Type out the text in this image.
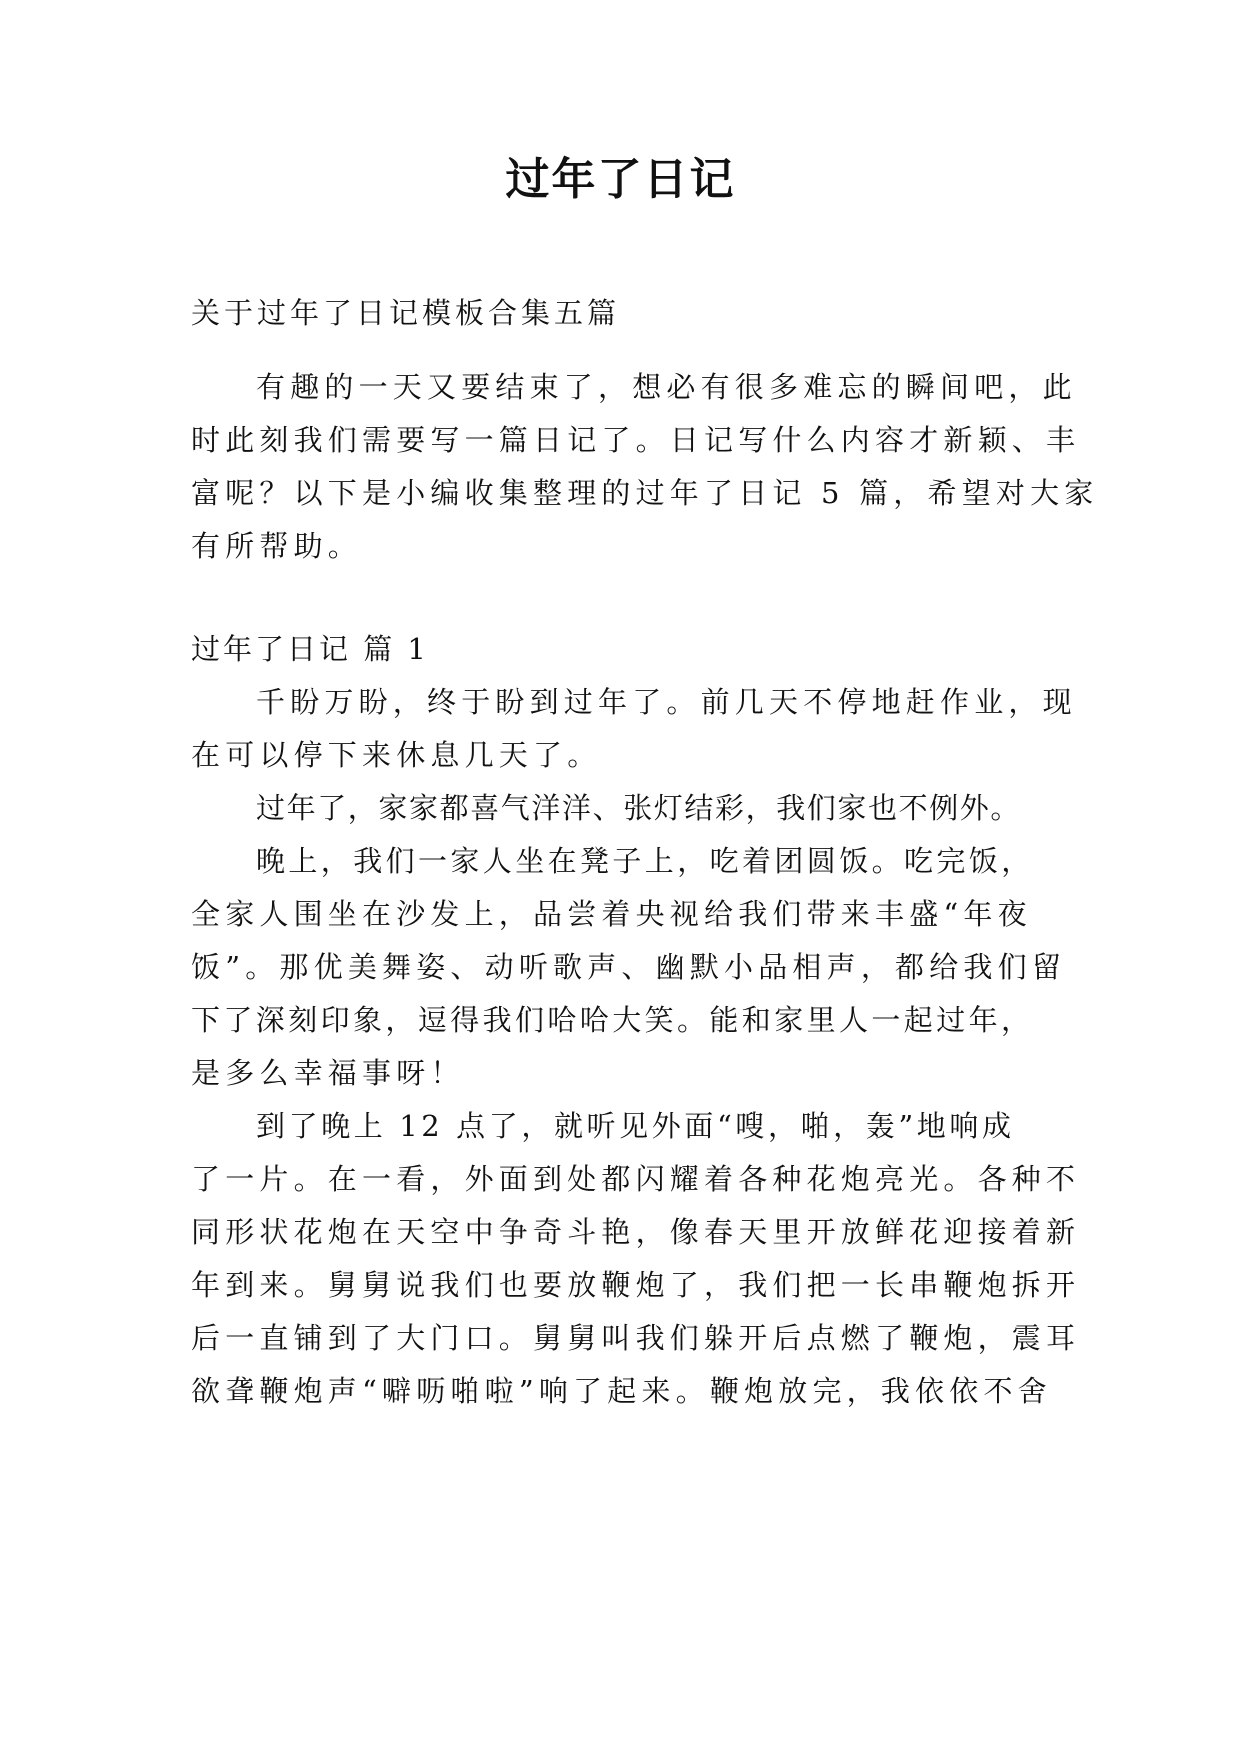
过年了日记
关于过年了日记模板合集五篇
有趣的一天又要结束了，想必有很多难忘的瞬间吧，此
时此刻我们需要写一篇日记了。日记写什么内容才新颖、丰
富呢？以下是小编收集整理的过年了日记 5 篇，希望对大家
有所帮助。
过年了日记 篇 1
千盼万盼，终于盼到过年了。前几天不停地赶作业，现
在可以停下来休息几天了。
过年了，家家都喜气洋洋、张灯结彩，我们家也不例外。
晚上，我们一家人坐在凳子上，吃着团圆饭。吃完饭，
全家人围坐在沙发上，品尝着央视给我们带来丰盛“年夜
饭”。那优美舞姿、动听歌声、幽默小品相声，都给我们留
下了深刻印象，逗得我们哈哈大笑。能和家里人一起过年，
是多么幸福事呀！
到了晚上 12 点了，就听见外面“嗖，啪，轰”地响成
了一片。在一看，外面到处都闪耀着各种花炮亮光。各种不
同形状花炮在天空中争奇斗艳，像春天里开放鲜花迎接着新
年到来。舅舅说我们也要放鞭炮了，我们把一长串鞭炮拆开
后一直铺到了大门口。舅舅叫我们躲开后点燃了鞭炮，震耳
欲聋鞭炮声“噼呖啪啦”响了起来。鞭炮放完，我依依不舍
